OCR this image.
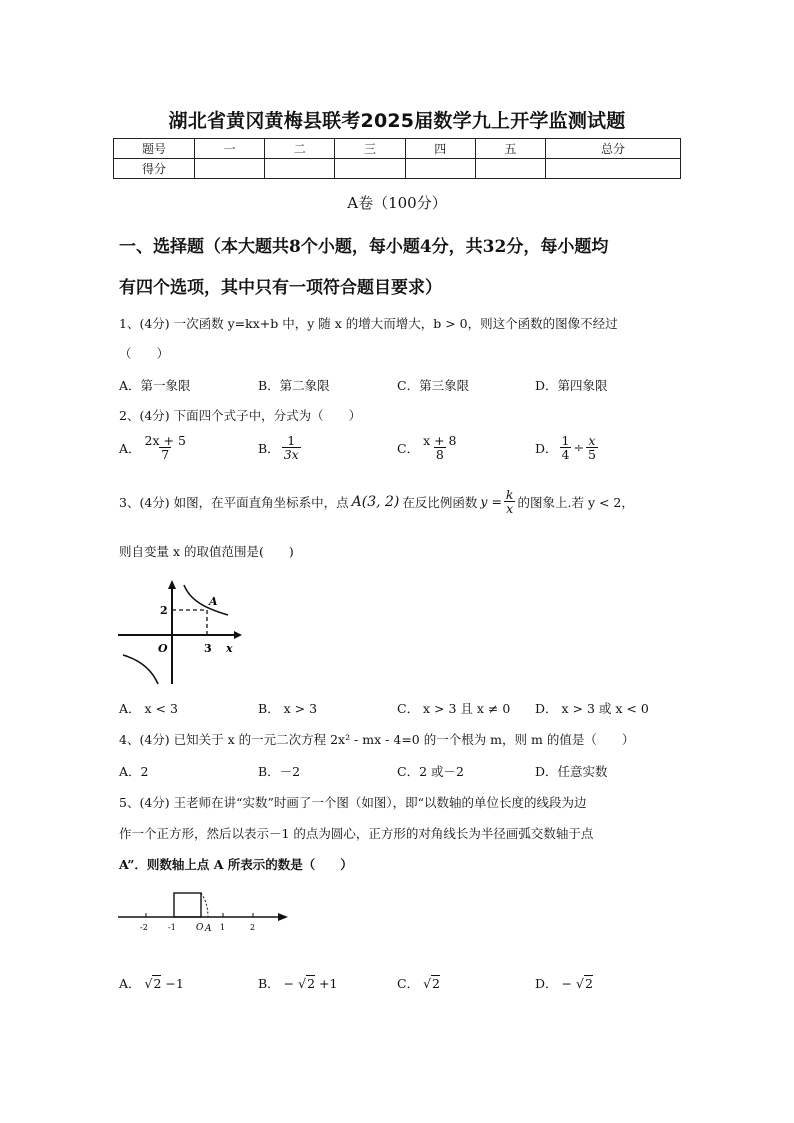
湖北省黄冈黄梅县联考2025届数学九上开学监测试题
题号	一	二	三	四	五	总分
得分						
A卷（100分）
一、选择题（本大题共8个小题，每小题4分，共32分，每小题均
有四个选项，其中只有一项符合题目要求）
1、(4分) 一次函数 y=kx+b 中，y 随 x 的增大而增大，b > 0，则这个函数的图像不经过
（　　）
A．第一象限	B．第二象限	C．第三象限	D．第四象限
2、(4分) 下面四个式子中，分式为（　　）
A． $\frac{2x + 5}{7}$	B． $\frac{1}{3x}$	C． $\frac{x + 8}{8}$	D． $\frac{1}{4} \div \frac{x}{5}$
3、(4分) 如图，在平面直角坐标系中，点 A(3, 2) 在反比例函数 $y = \frac{k}{x}$ 的图象上.若 y < 2，
则自变量 x 的取值范围是(　　)
A
2
3
O	x
A． x < 3	B． x > 3	C． x > 3 且 x ≠ 0 D． x > 3 或 x < 0
4、(4分) 已知关于 x 的一元二次方程 2x² - mx - 4=0 的一个根为 m，则 m 的值是（　　）
A．2	B．－2	C．2 或－2	D．任意实数
5、(4分) 王老师在讲“实数”时画了一个图（如图），即“以数轴的单位长度的线段为边
作一个正方形，然后以表示－1 的点为圆心，正方形的对角线长为半径画弧交数轴于点
A”．则数轴上点 A 所表示的数是（　　）
-2	-1 O A 1	2
A． √2 −1	B． − √2 +1	C． √2	D． − √2
